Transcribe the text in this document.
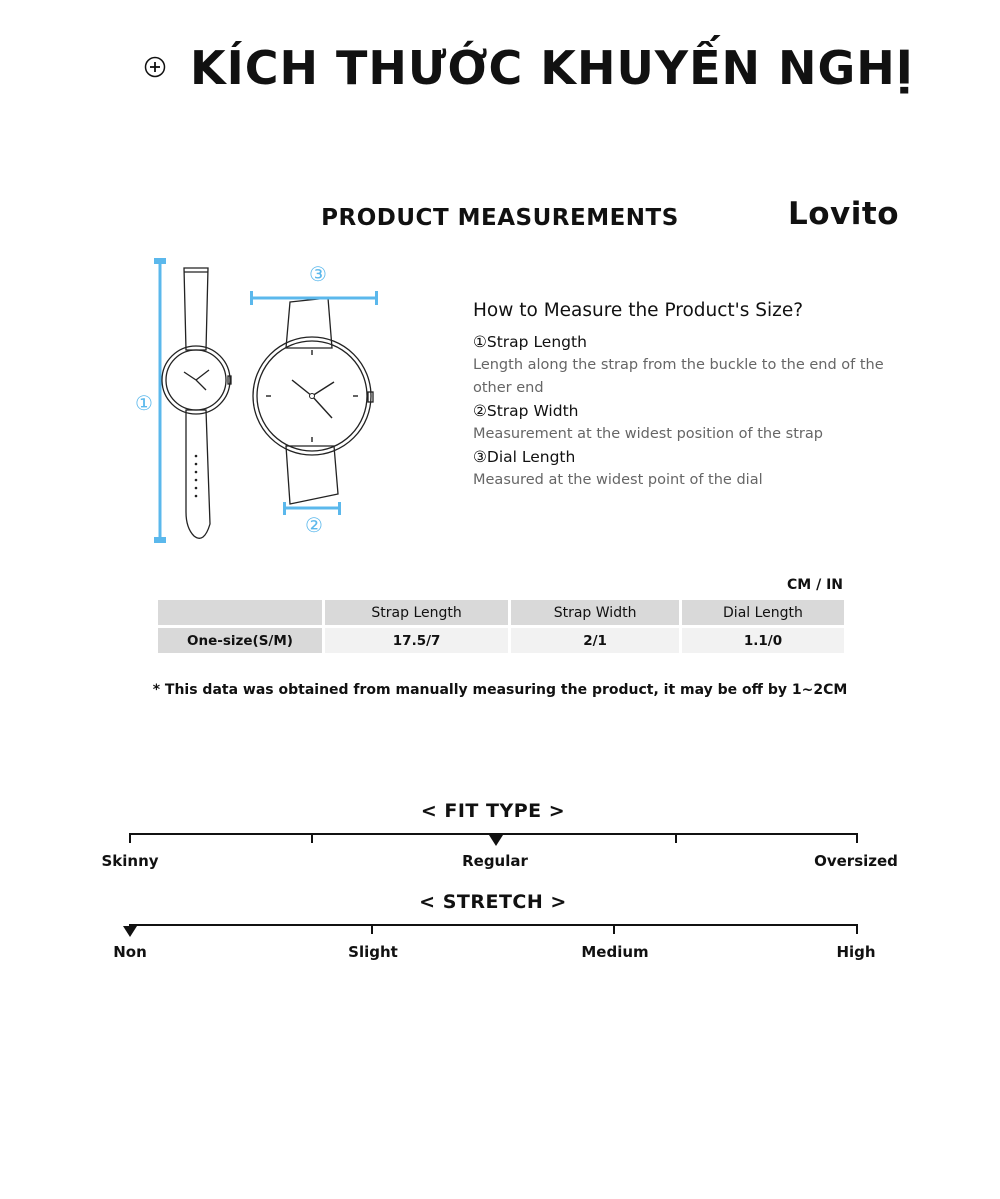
KÍCH THƯỚC KHUYẾN NGHỊ
PRODUCT MEASUREMENTS	Lovito
①
③
②
How to Measure the Product's Size?
①Strap Length
Length along the strap from the buckle to the end of the other end
②Strap Width
Measurement at the widest position of the strap
③Dial Length
Measured at the widest point of the dial
CM / IN
	Strap Length	Strap Width	Dial Length
One-size(S/M)	17.5/7	2/1	1.1/0
* This data was obtained from manually measuring the product, it may be off by 1~2CM
< FIT TYPE >
Skinny	Regular	Oversized
< STRETCH >
Non	Slight	Medium	High
